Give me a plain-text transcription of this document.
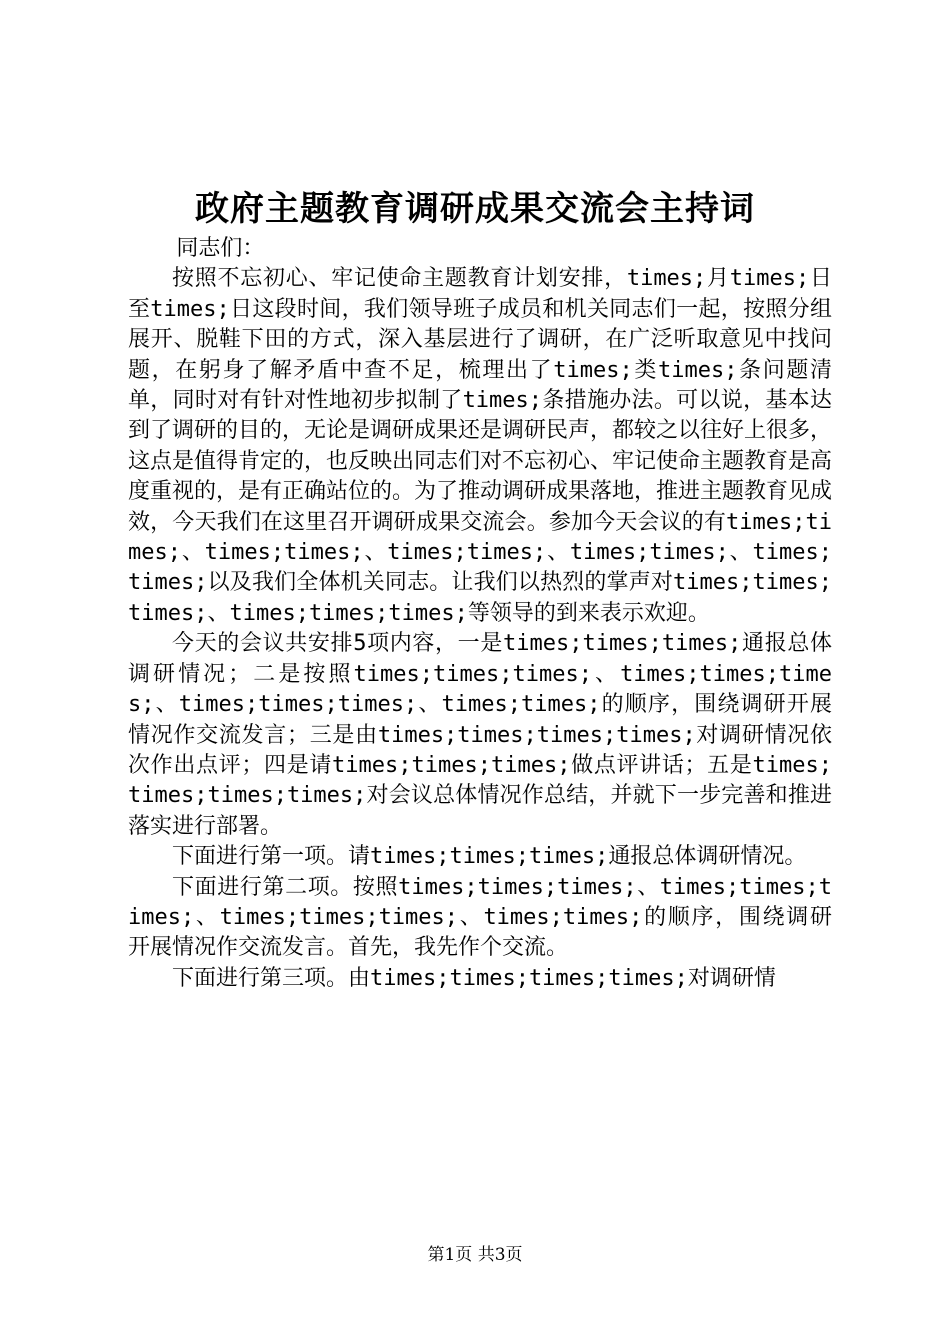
政府主题教育调研成果交流会主持词

同志们：

按照不忘初心、牢记使命主题教育计划安排，times;月times;日至times;日这段时间，我们领导班子成员和机关同志们一起，按照分组展开、脱鞋下田的方式，深入基层进行了调研，在广泛听取意见中找问题，在躬身了解矛盾中查不足，梳理出了times;类times;条问题清单，同时对有针对性地初步拟制了times;条措施办法。可以说，基本达到了调研的目的，无论是调研成果还是调研民声，都较之以往好上很多，这点是值得肯定的，也反映出同志们对不忘初心、牢记使命主题教育是高度重视的，是有正确站位的。为了推动调研成果落地，推进主题教育见成效，今天我们在这里召开调研成果交流会。参加今天会议的有times;times;、times;times;、times;times;、times;times;、times;times;以及我们全体机关同志。让我们以热烈的掌声对times;times;times;、times;times;times;等领导的到来表示欢迎。

今天的会议共安排5项内容，一是times;times;times;通报总体调研情况；二是按照times;times;times;、times;times;times;、times;times;times;、times;times;的顺序，围绕调研开展情况作交流发言；三是由times;times;times;times;对调研情况依次作出点评；四是请times;times;times;做点评讲话；五是times;times;times;times;对会议总体情况作总结，并就下一步完善和推进落实进行部署。

下面进行第一项。请times;times;times;通报总体调研情况。

下面进行第二项。按照times;times;times;、times;times;times;、times;times;times;、times;times;的顺序，围绕调研开展情况作交流发言。首先，我先作个交流。

下面进行第三项。由times;times;times;times;对调研情

第1页 共3页
